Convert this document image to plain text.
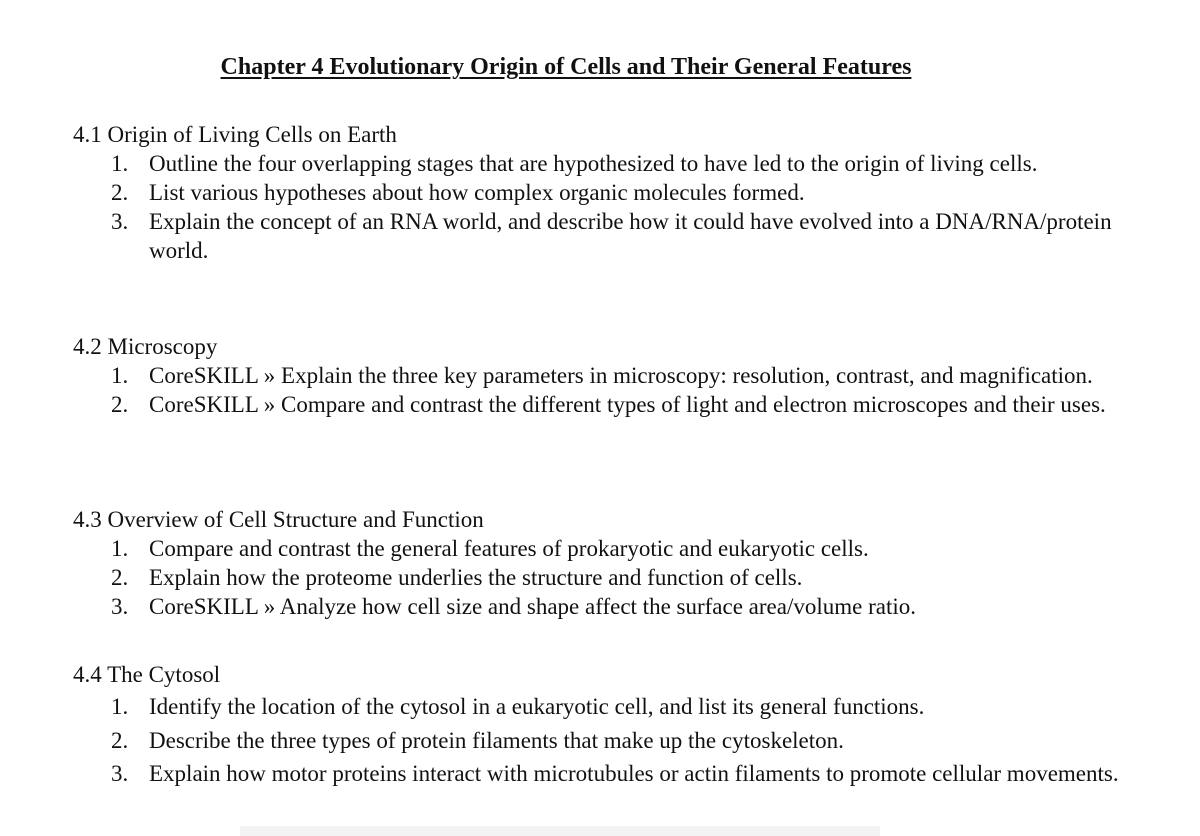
Chapter 4 Evolutionary Origin of Cells and Their General Features
4.1 Origin of Living Cells on Earth
1. Outline the four overlapping stages that are hypothesized to have led to the origin of living cells.
2. List various hypotheses about how complex organic molecules formed.
3. Explain the concept of an RNA world, and describe how it could have evolved into a DNA/RNA/protein world.
4.2 Microscopy
1. CoreSKILL » Explain the three key parameters in microscopy: resolution, contrast, and magnification.
2. CoreSKILL » Compare and contrast the different types of light and electron microscopes and their uses.
4.3 Overview of Cell Structure and Function
1. Compare and contrast the general features of prokaryotic and eukaryotic cells.
2. Explain how the proteome underlies the structure and function of cells.
3. CoreSKILL » Analyze how cell size and shape affect the surface area/volume ratio.
4.4 The Cytosol
1. Identify the location of the cytosol in a eukaryotic cell, and list its general functions.
2. Describe the three types of protein filaments that make up the cytoskeleton.
3. Explain how motor proteins interact with microtubules or actin filaments to promote cellular movements.
